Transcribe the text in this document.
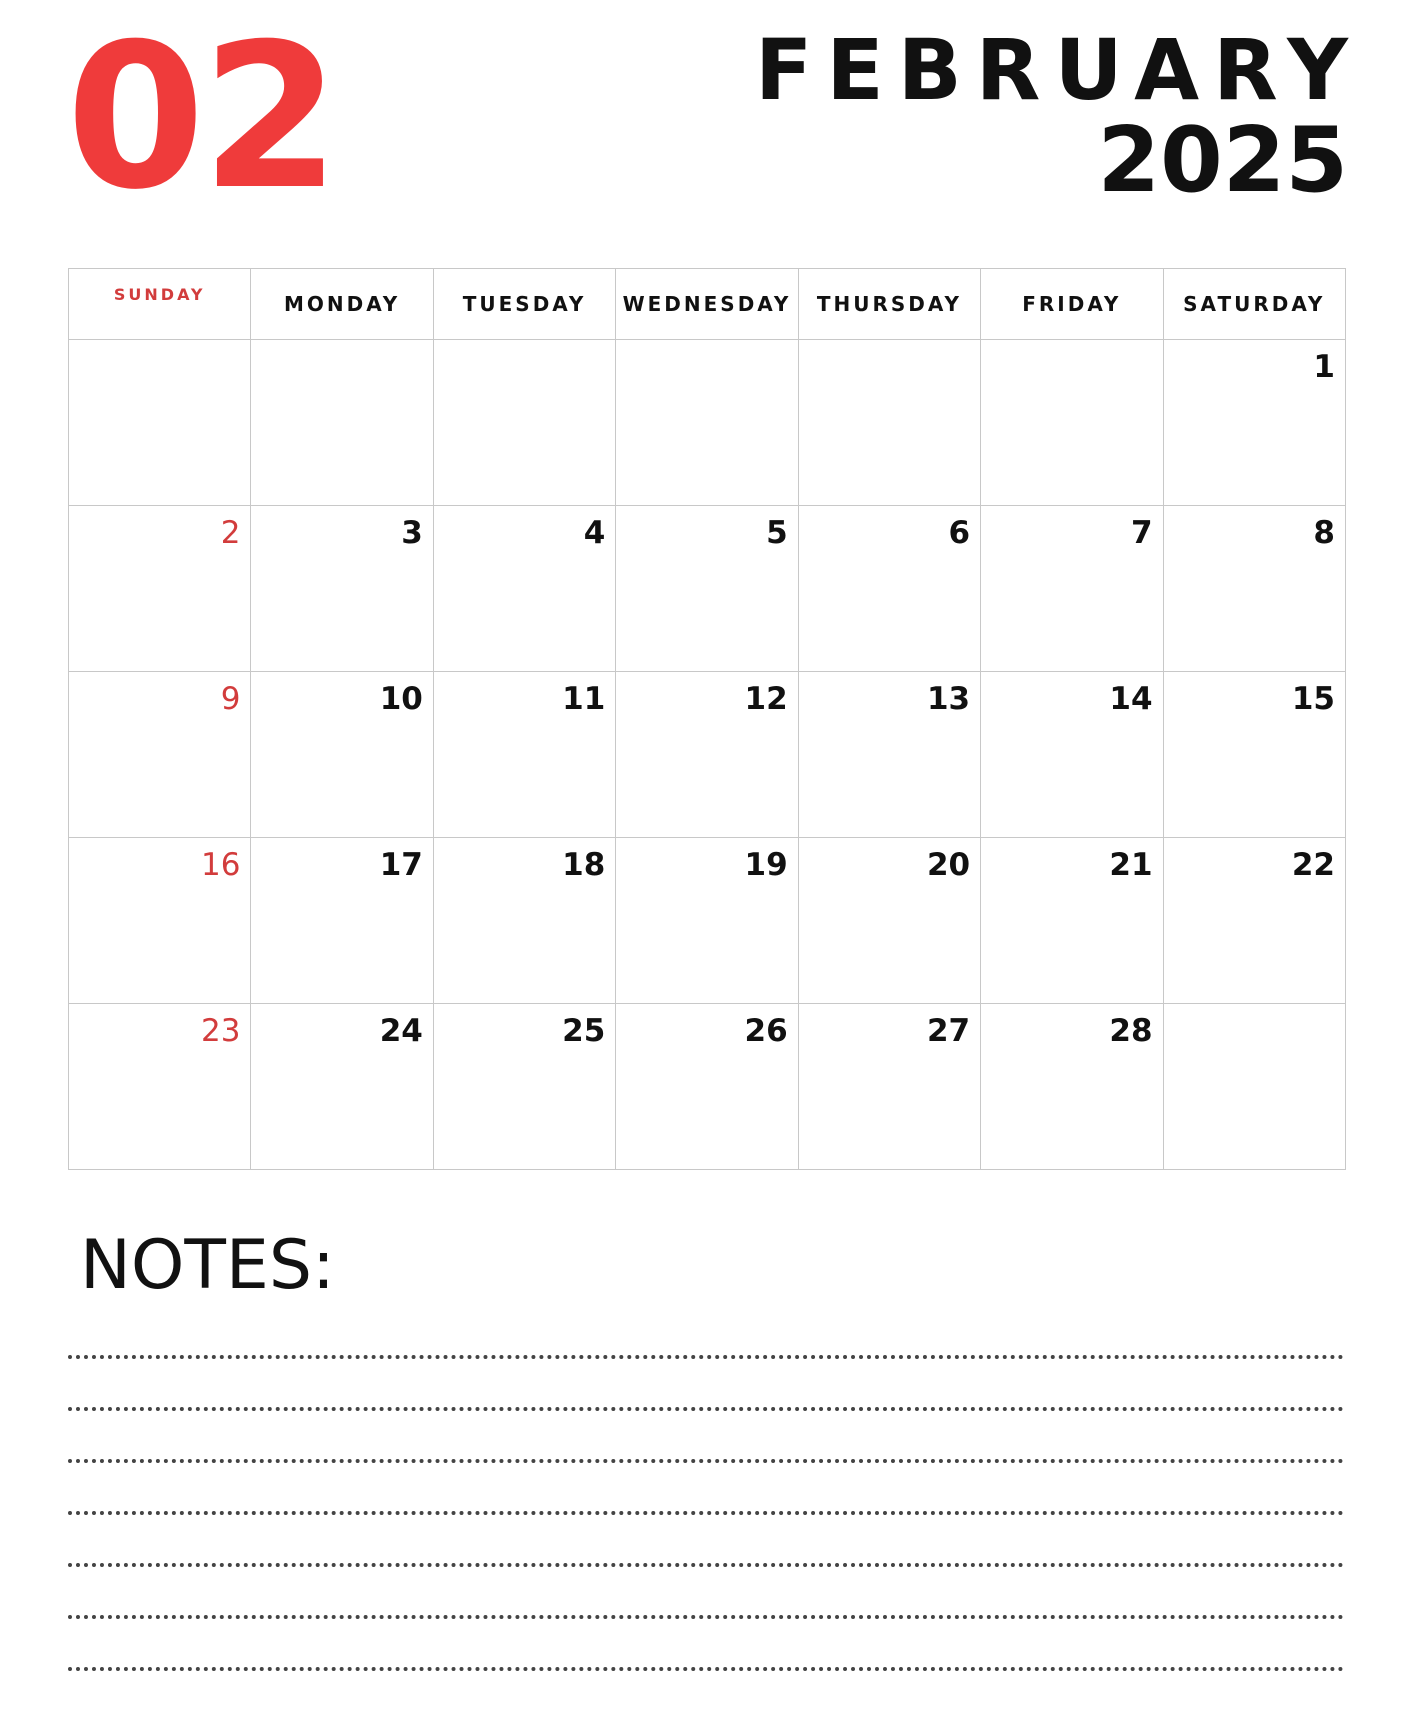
02	FEBRUARY
2025
SUNDAY	MONDAY	TUESDAY	WEDNESDAY	THURSDAY	FRIDAY	SATURDAY

						1

2	3	4	5	6	7	8

9	10	11	12	13	14	15

16	17	18	19	20	21	22

23	24	25	26	27	28	

NOTES:
